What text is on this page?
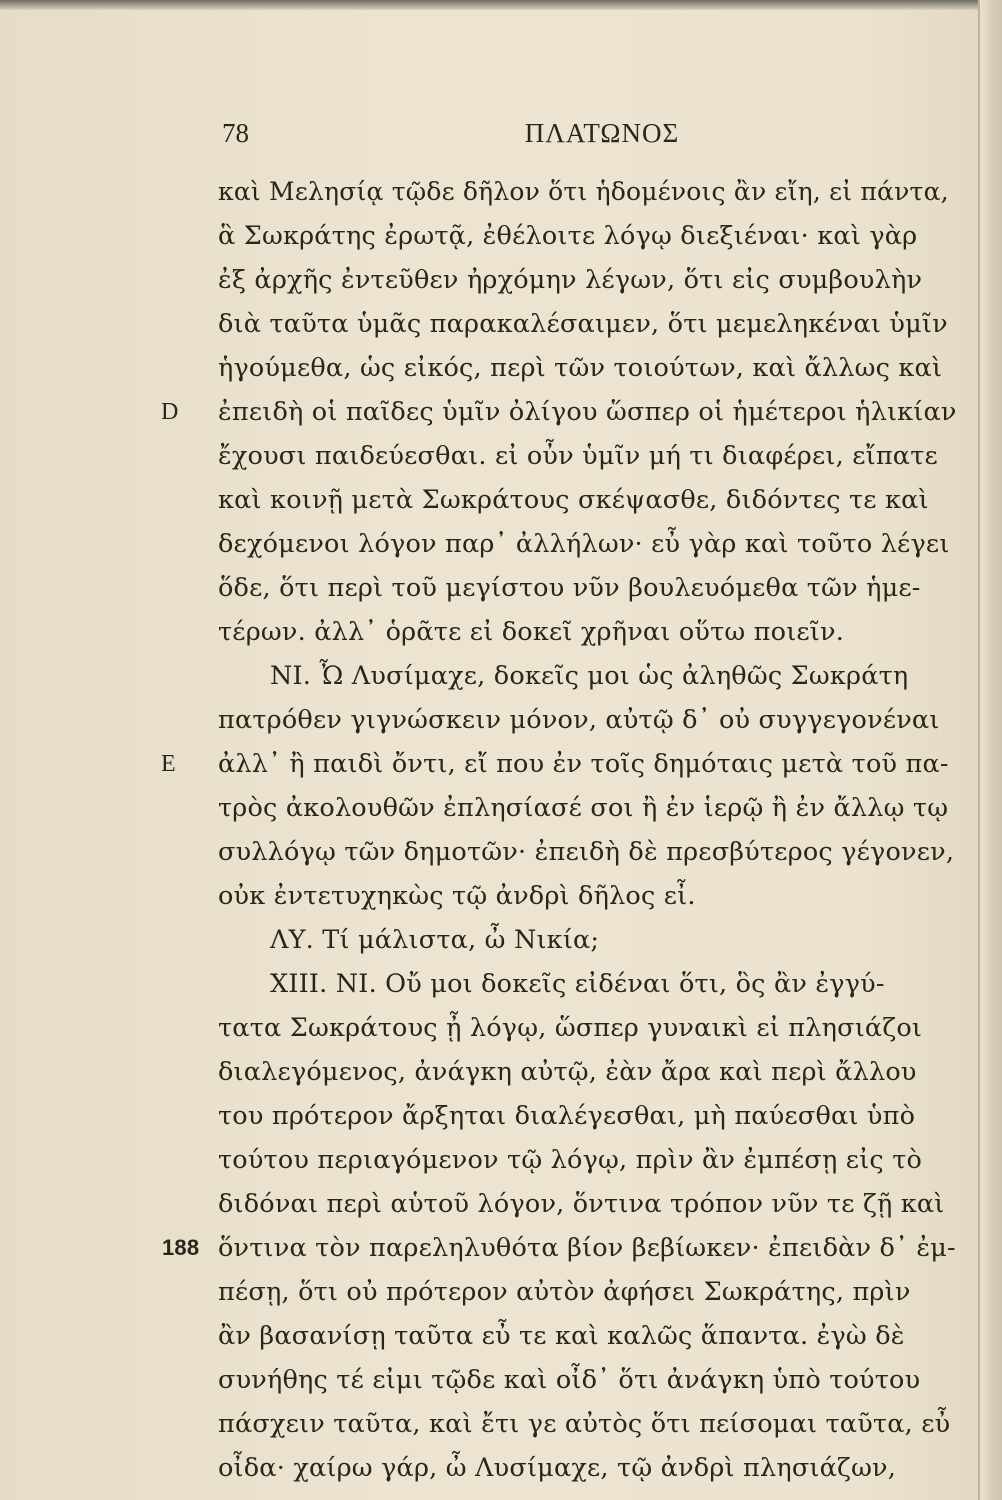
78	ΠΛΑΤΩΝΟΣ
καὶ Μελησίᾳ τῷδε δῆλον ὅτι ἡδομένοις ἂν εἴη, εἰ πάντα,
ἃ Σωκράτης ἐρωτᾷ, ἐθέλοιτε λόγῳ διεξιέναι· καὶ γὰρ
ἐξ ἀρχῆς ἐντεῦθεν ἠρχόμην λέγων, ὅτι εἰς συμβουλὴν
διὰ ταῦτα ὑμᾶς παρακαλέσαιμεν, ὅτι μεμεληκέναι ὑμῖν
ἡγούμεθα, ὡς εἰκός, περὶ τῶν τοιούτων, καὶ ἄλλως καὶ
D	ἐπειδὴ οἱ παῖδες ὑμῖν ὀλίγου ὥσπερ οἱ ἡμέτεροι ἡλικίαν
ἔχουσι παιδεύεσθαι. εἰ οὖν ὑμῖν μή τι διαφέρει, εἴπατε
καὶ κοινῇ μετὰ Σωκράτους σκέψασθε, διδόντες τε καὶ
δεχόμενοι λόγον παρ᾽ ἀλλήλων· εὖ γὰρ καὶ τοῦτο λέγει
ὅδε, ὅτι περὶ τοῦ μεγίστου νῦν βουλευόμεθα τῶν ἡμε-
τέρων. ἀλλ᾽ ὁρᾶτε εἰ δοκεῖ χρῆναι οὕτω ποιεῖν.
ΝΙ. Ὦ Λυσίμαχε, δοκεῖς μοι ὡς ἀληθῶς Σωκράτη
πατρόθεν γιγνώσκειν μόνον, αὐτῷ δ᾽ οὐ συγγεγονέναι
E	ἀλλ᾽ ἢ παιδὶ ὄντι, εἴ που ἐν τοῖς δημόταις μετὰ τοῦ πα-
τρὸς ἀκολουθῶν ἐπλησίασέ σοι ἢ ἐν ἱερῷ ἢ ἐν ἄλλῳ τῳ
συλλόγῳ τῶν δημοτῶν· ἐπειδὴ δὲ πρεσβύτερος γέγονεν,
οὐκ ἐντετυχηκὼς τῷ ἀνδρὶ δῆλος εἶ.
ΛΥ. Τί μάλιστα, ὦ Νικία;
XIII. ΝΙ. Οὔ μοι δοκεῖς εἰδέναι ὅτι, ὃς ἂν ἐγγύ-
τατα Σωκράτους ᾖ λόγῳ, ὥσπερ γυναικὶ εἰ πλησιάζοι
διαλεγόμενος, ἀνάγκη αὐτῷ, ἐὰν ἄρα καὶ περὶ ἄλλου
του πρότερον ἄρξηται διαλέγεσθαι, μὴ παύεσθαι ὑπὸ
τούτου περιαγόμενον τῷ λόγῳ, πρὶν ἂν ἐμπέσῃ εἰς τὸ
διδόναι περὶ αὑτοῦ λόγον, ὅντινα τρόπον νῦν τε ζῇ καὶ
188 ὅντινα τὸν παρεληλυθότα βίον βεβίωκεν· ἐπειδὰν δ᾽ ἐμ-
πέσῃ, ὅτι οὐ πρότερον αὐτὸν ἀφήσει Σωκράτης, πρὶν
ἂν βασανίσῃ ταῦτα εὖ τε καὶ καλῶς ἅπαντα. ἐγὼ δὲ
συνήθης τέ εἰμι τῷδε καὶ οἶδ᾽ ὅτι ἀνάγκη ὑπὸ τούτου
πάσχειν ταῦτα, καὶ ἔτι γε αὐτὸς ὅτι πείσομαι ταῦτα, εὖ
οἶδα· χαίρω γάρ, ὦ Λυσίμαχε, τῷ ἀνδρὶ πλησιάζων,
